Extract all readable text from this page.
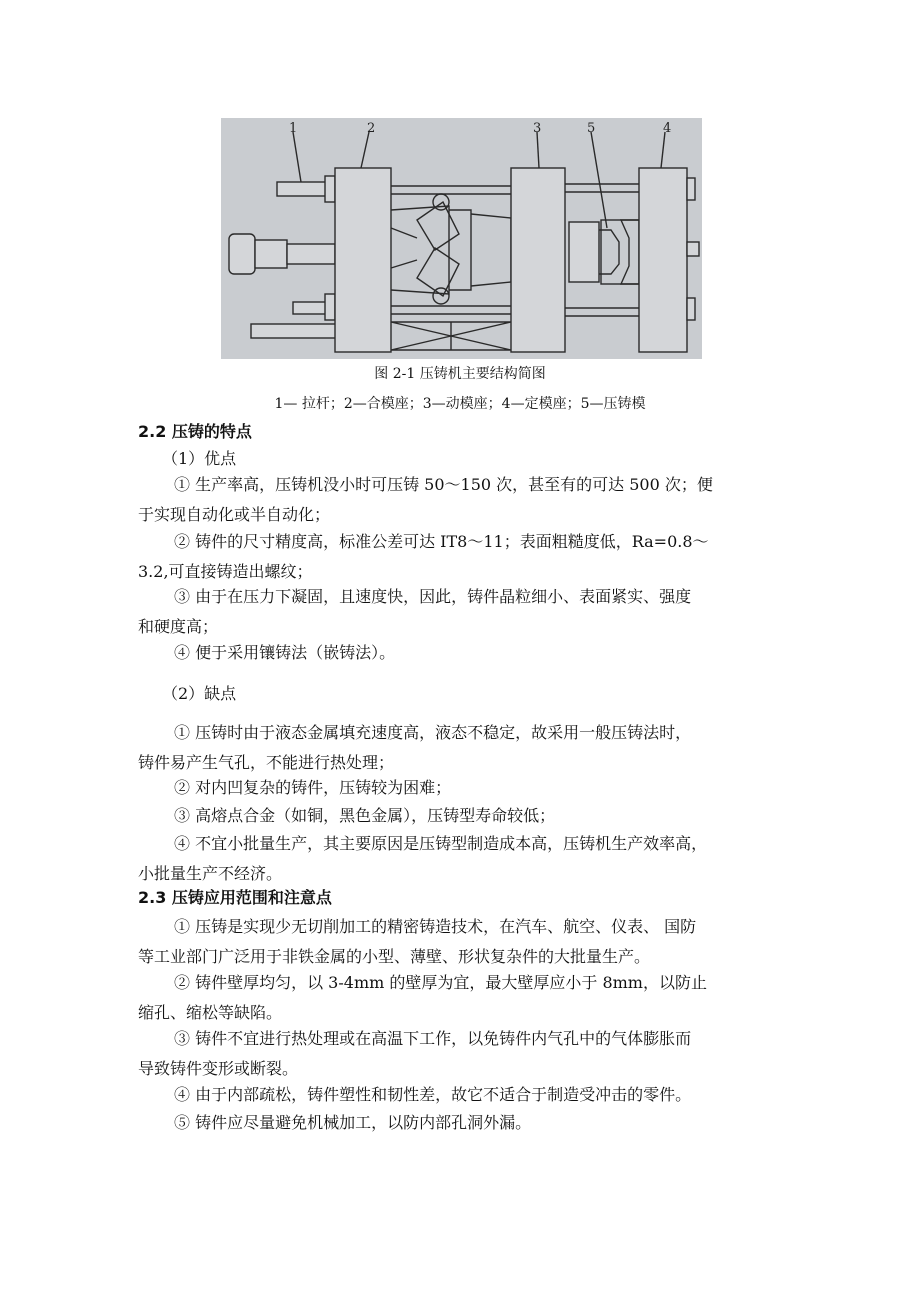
1	2	3	5	4
图 2-1 压铸机主要结构简图
1— 拉杆；2—合模座；3—动模座；4—定模座；5—压铸模
2.2 压铸的特点
（1）优点
① 生产率高，压铸机没小时可压铸 50～150 次，甚至有的可达 500 次；便
于实现自动化或半自动化；
② 铸件的尺寸精度高，标准公差可达 IT8～11；表面粗糙度低，Ra=0.8～
3.2,可直接铸造出螺纹；
③ 由于在压力下凝固，且速度快，因此，铸件晶粒细小、表面紧实、强度
和硬度高；
④ 便于采用镶铸法（嵌铸法）。
（2）缺点
① 压铸时由于液态金属填充速度高，液态不稳定，故采用一般压铸法时，
铸件易产生气孔，不能进行热处理；
② 对内凹复杂的铸件，压铸较为困难；
③ 高熔点合金（如铜，黑色金属），压铸型寿命较低；
④ 不宜小批量生产，其主要原因是压铸型制造成本高，压铸机生产效率高，
小批量生产不经济。
2.3 压铸应用范围和注意点
① 压铸是实现少无切削加工的精密铸造技术，在汽车、航空、仪表、 国防
等工业部门广泛用于非铁金属的小型、薄壁、形状复杂件的大批量生产。
② 铸件壁厚均匀，以 3-4mm 的壁厚为宜，最大壁厚应小于 8mm，以防止
缩孔、缩松等缺陷。
③ 铸件不宜进行热处理或在高温下工作，以免铸件内气孔中的气体膨胀而
导致铸件变形或断裂。
④ 由于内部疏松，铸件塑性和韧性差，故它不适合于制造受冲击的零件。
⑤ 铸件应尽量避免机械加工，以防内部孔洞外漏。
